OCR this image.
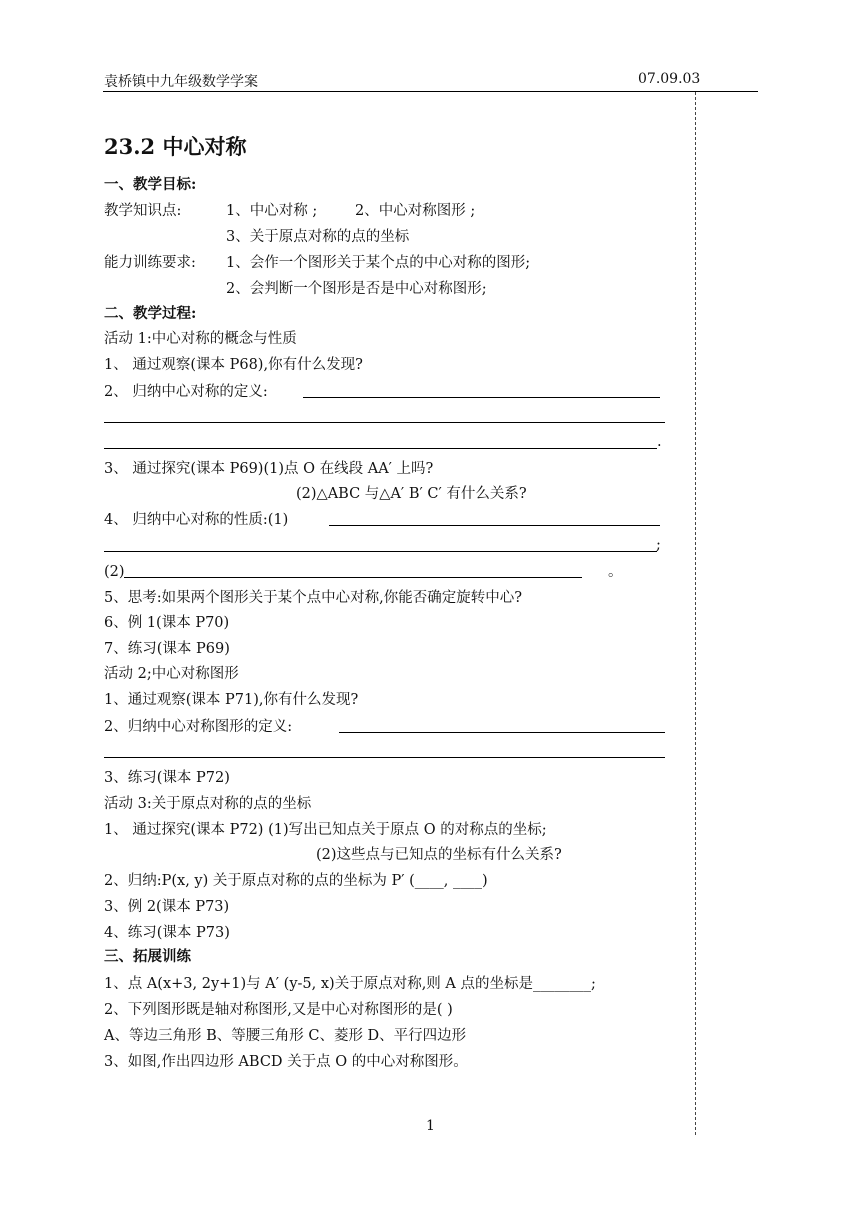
袁桥镇中九年级数学学案	07.09.03
23.2 中心对称
一、教学目标:
教学知识点:	1、中心对称 ;	2、中心对称图形 ;
3、关于原点对称的点的坐标
能力训练要求: 1、会作一个图形关于某个点的中心对称的图形;
2、会判断一个图形是否是中心对称图形;
二、教学过程:
活动 1:中心对称的概念与性质
1、 通过观察(课本 P68),你有什么发现?
2、 归纳中心对称的定义:
.
3、 通过探究(课本 P69)(1)点 O 在线段 AA′ 上吗?
(2)△ABC 与△A′ B′ C′ 有什么关系?
4、 归纳中心对称的性质:(1)
;
(2)	。
5、思考:如果两个图形关于某个点中心对称,你能否确定旋转中心?
6、例 1(课本 P70)
7、练习(课本 P69)
活动 2;中心对称图形
1、通过观察(课本 P71),你有什么发现?
2、归纳中心对称图形的定义:
3、练习(课本 P72)
活动 3:关于原点对称的点的坐标
1、 通过探究(课本 P72) (1)写出已知点关于原点 O 的对称点的坐标;
(2)这些点与已知点的坐标有什么关系?
2、归纳:P(x, y) 关于原点对称的点的坐标为 P′ (____, ____)
3、例 2(课本 P73)
4、练习(课本 P73)
三、拓展训练
1、点 A(x+3, 2y+1)与 A′ (y-5, x)关于原点对称,则 A 点的坐标是________;
2、下列图形既是轴对称图形,又是中心对称图形的是( )
A、等边三角形 B、等腰三角形 C、菱形 D、平行四边形
3、如图,作出四边形 ABCD 关于点 O 的中心对称图形。
1
